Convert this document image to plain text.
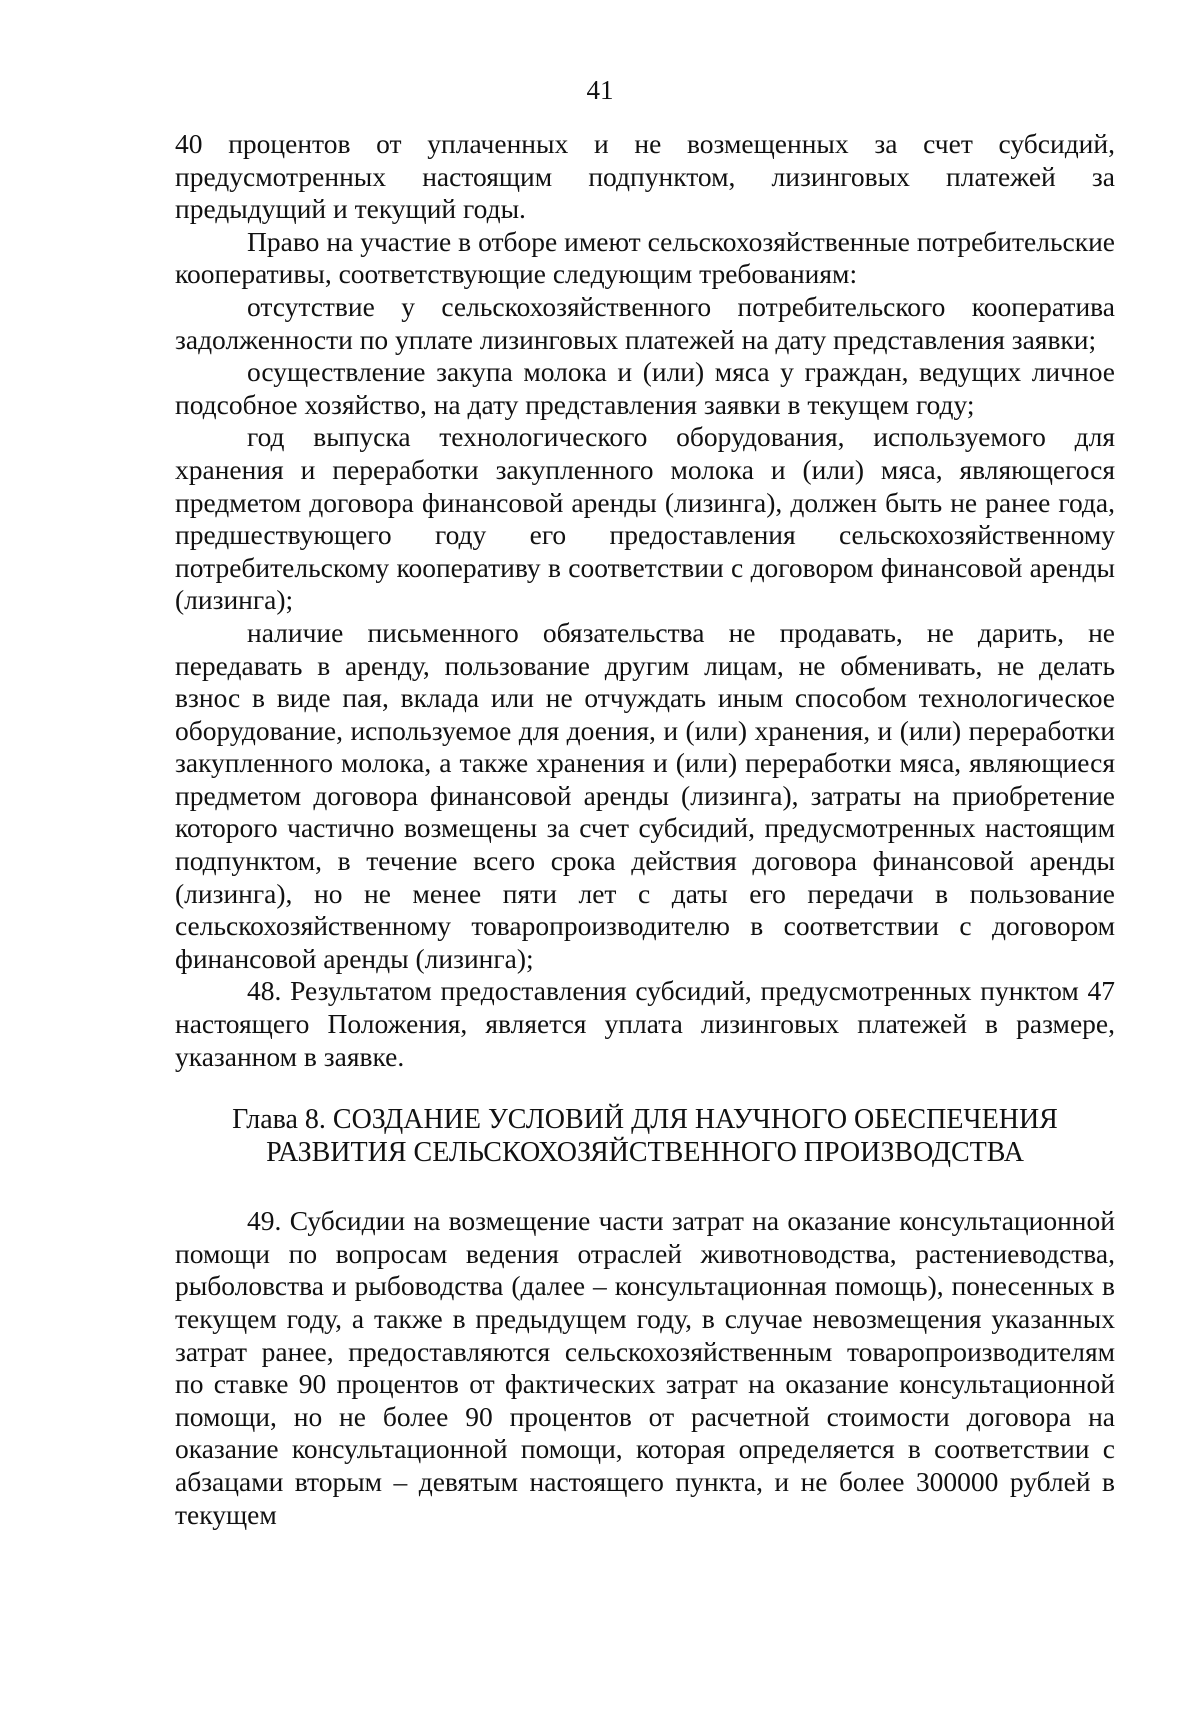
41

40 процентов от уплаченных и не возмещенных за счет субсидий, предусмотренных настоящим подпунктом, лизинговых платежей за предыдущий и текущий годы.

Право на участие в отборе имеют сельскохозяйственные потребительские кооперативы, соответствующие следующим требованиям:

отсутствие у сельскохозяйственного потребительского кооператива задолженности по уплате лизинговых платежей на дату представления заявки;

осуществление закупа молока и (или) мяса у граждан, ведущих личное подсобное хозяйство, на дату представления заявки в текущем году;

год выпуска технологического оборудования, используемого для хранения и переработки закупленного молока и (или) мяса, являющегося предметом договора финансовой аренды (лизинга), должен быть не ранее года, предшествующего году его предоставления сельскохозяйственному потребительскому кооперативу в соответствии с договором финансовой аренды (лизинга);

наличие письменного обязательства не продавать, не дарить, не передавать в аренду, пользование другим лицам, не обменивать, не делать взнос в виде пая, вклада или не отчуждать иным способом технологическое оборудование, используемое для доения, и (или) хранения, и (или) переработки закупленного молока, а также хранения и (или) переработки мяса, являющиеся предметом договора финансовой аренды (лизинга), затраты на приобретение которого частично возмещены за счет субсидий, предусмотренных настоящим подпунктом, в течение всего срока действия договора финансовой аренды (лизинга), но не менее пяти лет с даты его передачи в пользование сельскохозяйственному товаропроизводителю в соответствии с договором финансовой аренды (лизинга);

48. Результатом предоставления субсидий, предусмотренных пунктом 47 настоящего Положения, является уплата лизинговых платежей в размере, указанном в заявке.

Глава 8. СОЗДАНИЕ УСЛОВИЙ ДЛЯ НАУЧНОГО ОБЕСПЕЧЕНИЯ
РАЗВИТИЯ СЕЛЬСКОХОЗЯЙСТВЕННОГО ПРОИЗВОДСТВА

49. Субсидии на возмещение части затрат на оказание консультационной помощи по вопросам ведения отраслей животноводства, растениеводства, рыболовства и рыбоводства (далее – консультационная помощь), понесенных в текущем году, а также в предыдущем году, в случае невозмещения указанных затрат ранее, предоставляются сельскохозяйственным товаропроизводителям по ставке 90 процентов от фактических затрат на оказание консультационной помощи, но не более 90 процентов от расчетной стоимости договора на оказание консультационной помощи, которая определяется в соответствии с абзацами вторым – девятым настоящего пункта, и не более 300000 рублей в текущем
